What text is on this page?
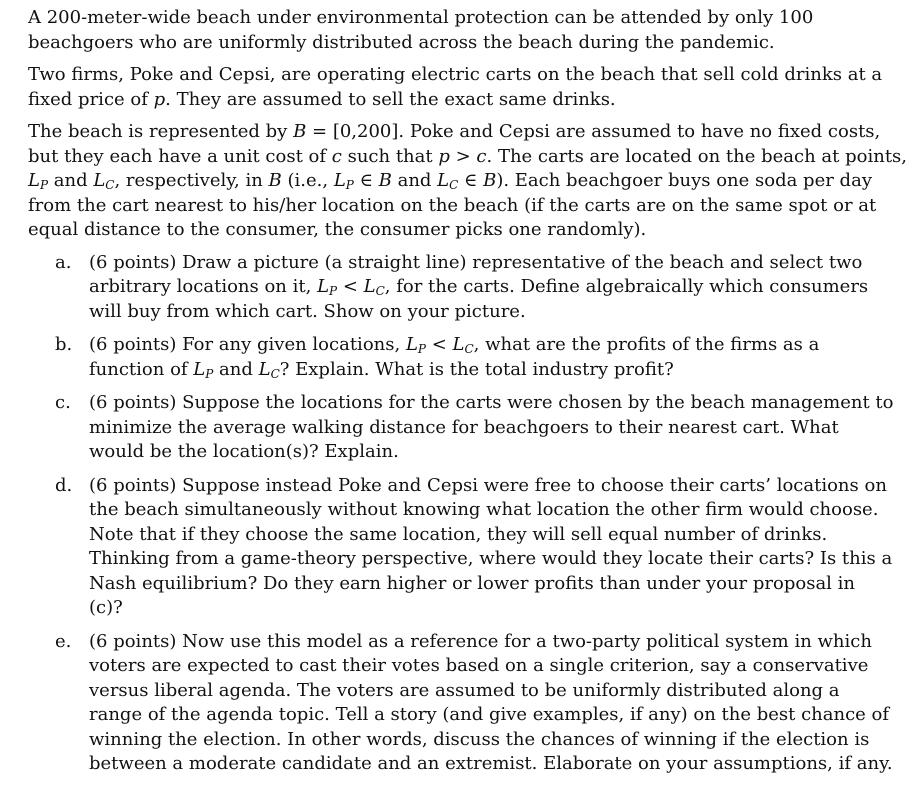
A 200-meter-wide beach under environmental protection can be attended by only 100
beachgoers who are uniformly distributed across the beach during the pandemic.

Two firms, Poke and Cepsi, are operating electric carts on the beach that sell cold drinks at a
fixed price of p. They are assumed to sell the exact same drinks.

The beach is represented by B = [0,200]. Poke and Cepsi are assumed to have no fixed costs,
but they each have a unit cost of c such that p > c. The carts are located on the beach at points,
$L_P$ and $L_C$, respectively, in B (i.e., $L_P$ ∈ B and $L_C$ ∈ B). Each beachgoer buys one soda per day
from the cart nearest to his/her location on the beach (if the carts are on the same spot or at
equal distance to the consumer, the consumer picks one randomly).

a. (6 points) Draw a picture (a straight line) representative of the beach and select two
arbitrary locations on it, $L_P < L_C$, for the carts. Define algebraically which consumers
will buy from which cart. Show on your picture.
b. (6 points) For any given locations, $L_P < L_C$, what are the profits of the firms as a
function of $L_P$ and $L_C$? Explain. What is the total industry profit?
c. (6 points) Suppose the locations for the carts were chosen by the beach management to
minimize the average walking distance for beachgoers to their nearest cart. What
would be the location(s)? Explain.
d. (6 points) Suppose instead Poke and Cepsi were free to choose their carts’ locations on
the beach simultaneously without knowing what location the other firm would choose.
Note that if they choose the same location, they will sell equal number of drinks.
Thinking from a game-theory perspective, where would they locate their carts? Is this a
Nash equilibrium? Do they earn higher or lower profits than under your proposal in
(c)?
e. (6 points) Now use this model as a reference for a two-party political system in which
voters are expected to cast their votes based on a single criterion, say a conservative
versus liberal agenda. The voters are assumed to be uniformly distributed along a
range of the agenda topic. Tell a story (and give examples, if any) on the best chance of
winning the election. In other words, discuss the chances of winning if the election is
between a moderate candidate and an extremist. Elaborate on your assumptions, if any.
